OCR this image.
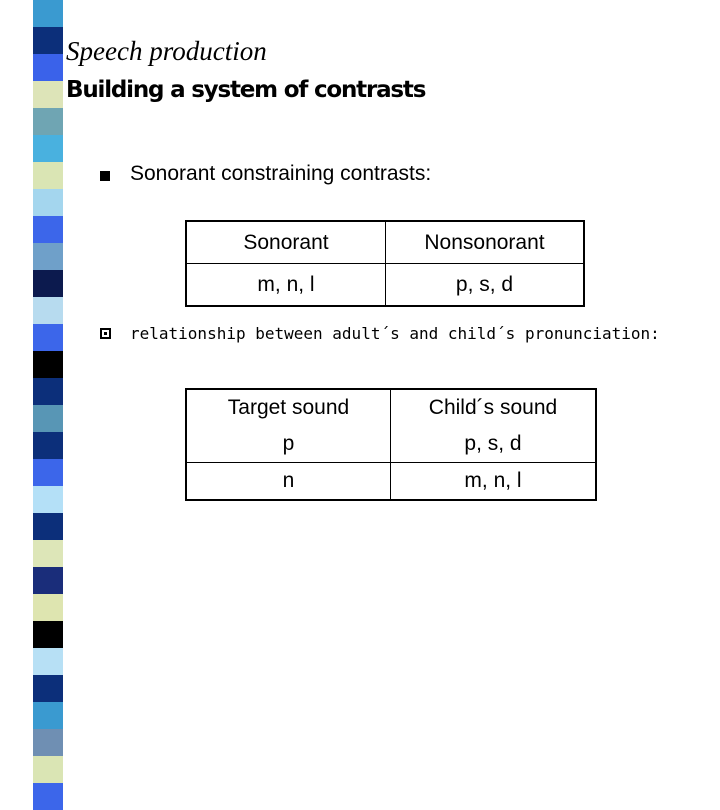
Speech production
Building a system of contrasts
Sonorant constraining contrasts:
Sonorant	Nonsonorant
m, n, l	p, s, d
relationship between adult´s and child´s pronunciation:
Target sound	Child´s sound
p	p, s, d
n	m, n, l
